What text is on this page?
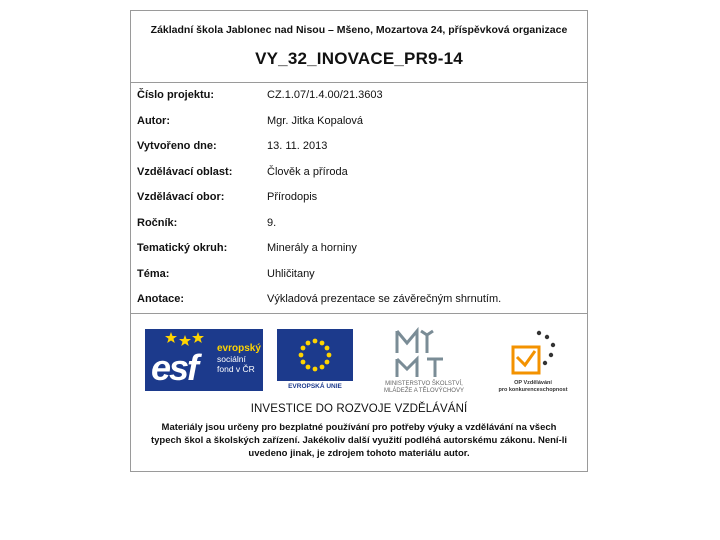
Základní škola Jablonec nad Nisou – Mšeno, Mozartova 24, příspěvková organizace
VY_32_INOVACE_PR9-14
Číslo projektu:	CZ.1.07/1.4.00/21.3603
Autor:	Mgr. Jitka Kopalová
Vytvořeno dne:	13. 11. 2013
Vzdělávací oblast:	Člověk a příroda
Vzdělávací obor:	Přírodopis
Ročník:	9.
Tematický okruh:	Minerály a horniny
Téma:	Uhličitany
Anotace:	Výkladová prezentace se závěrečným shrnutím.
esf evropský
sociální
fond v ČR
EVROPSKÁ UNIE	MINISTERSTVO ŠKOLSTVÍ,
MLÁDEŽE A TĚLOVÝCHOVY
OP Vzdělávání
pro konkurenceschopnost
INVESTICE DO ROZVOJE VZDĚLÁVÁNÍ
Materiály jsou určeny pro bezplatné používání pro potřeby výuky a vzdělávání na všech typech škol a školských zařízení. Jakékoliv další využití podléhá autorskému zákonu. Není-li uvedeno jinak, je zdrojem tohoto materiálu autor.
